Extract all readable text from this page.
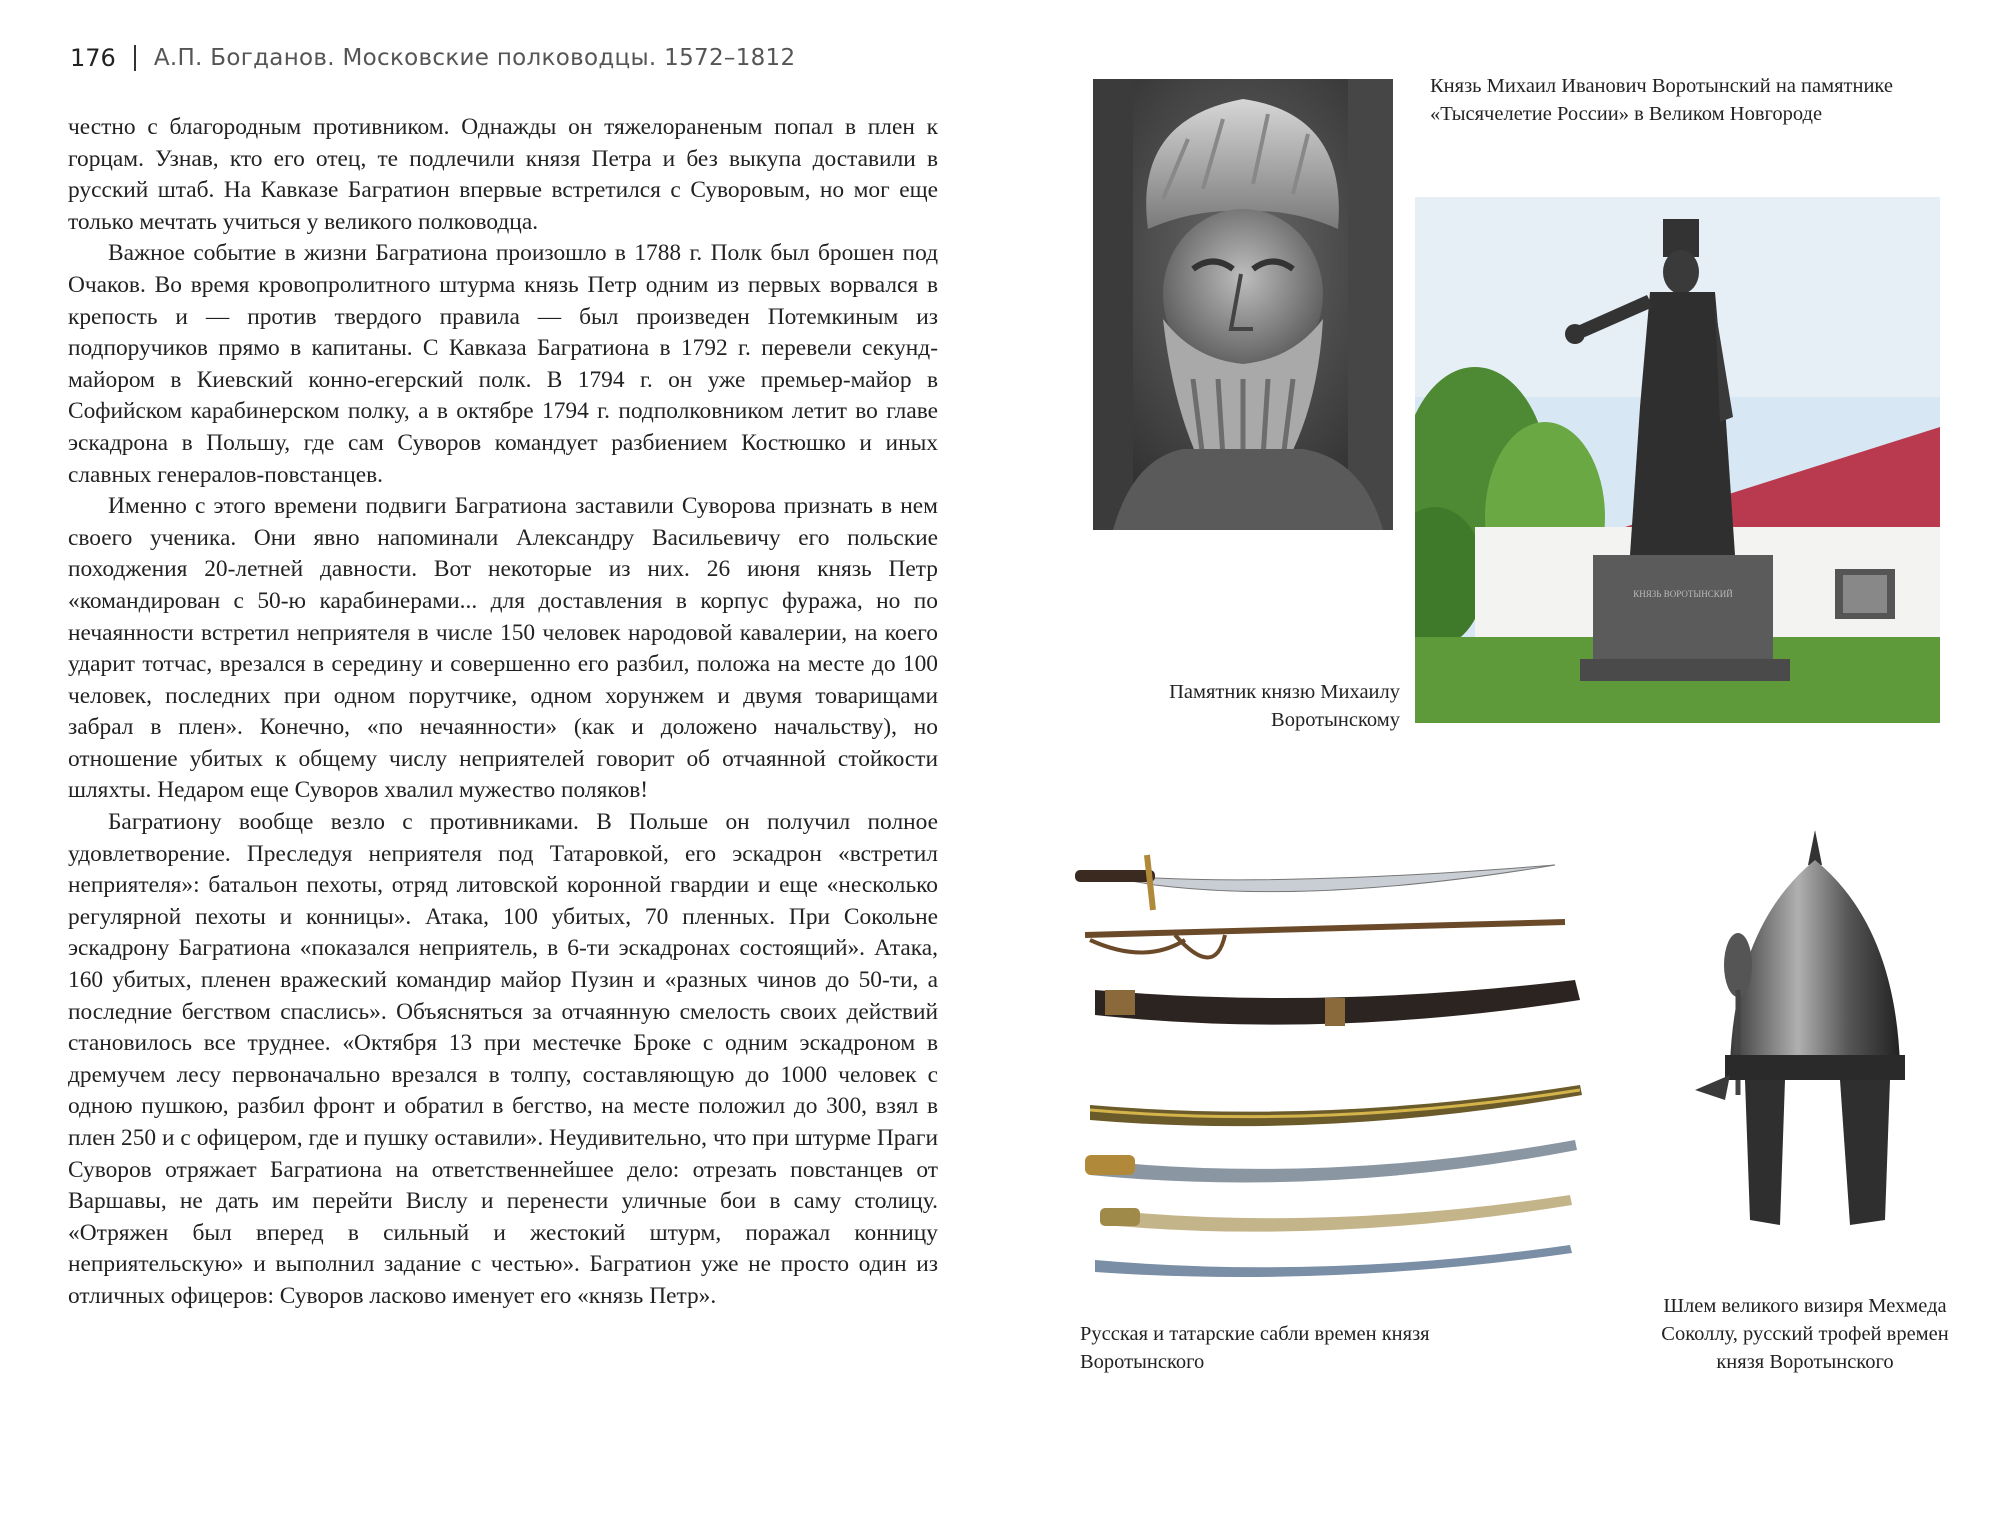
176 А.П. Богданов. Московские полководцы. 1572–1812

честно с благородным противником. Однажды он тяжелораненым попал в плен к горцам. Узнав, кто его отец, те подлечили князя Петра и без выкупа доставили в русский штаб. На Кавказе Багратион впервые встретился с Суворовым, но мог еще только мечтать учиться у великого полководца.

Важное событие в жизни Багратиона произошло в 1788 г. Полк был брошен под Очаков. Во время кровопролитного штурма князь Петр одним из первых ворвался в крепость и — против твердого правила — был произведен Потемкиным из подпоручиков прямо в капитаны. С Кавказа Багратиона в 1792 г. перевели секунд-майором в Киевский конно-егерский полк. В 1794 г. он уже премьер-майор в Софийском карабинерском полку, а в октябре 1794 г. подполковником летит во главе эскадрона в Польшу, где сам Суворов командует разбиением Костюшко и иных славных генералов-повстанцев.

Именно с этого времени подвиги Багратиона заставили Суворова признать в нем своего ученика. Они явно напоминали Александру Васильевичу его польские походжения 20-летней давности. Вот некоторые из них. 26 июня князь Петр «командирован с 50-ю карабинерами... для доставления в корпус фуража, но по нечаянности встретил неприятеля в числе 150 человек народовой кавалерии, на коего ударит тотчас, врезался в середину и совершенно его разбил, положа на месте до 100 человек, последних при одном порутчике, одном хорунжем и двумя товарищами забрал в плен». Конечно, «по нечаянности» (как и доложено начальству), но отношение убитых к общему числу неприятелей говорит об отчаянной стойкости шляхты. Недаром еще Суворов хвалил мужество поляков!

Багратиону вообще везло с противниками. В Польше он получил полное удовлетворение. Преследуя неприятеля под Татаровкой, его эскадрон «встретил неприятеля»: батальон пехоты, отряд литовской коронной гвардии и еще «несколько регулярной пехоты и конницы». Атака, 100 убитых, 70 пленных. При Сокольне эскадрону Багратиона «показался неприятель, в 6-ти эскадронах состоящий». Атака, 160 убитых, пленен вражеский командир майор Пузин и «разных чинов до 50-ти, а последние бегством спаслись». Объясняться за отчаянную смелость своих действий становилось все труднее. «Октября 13 при местечке Броке с одним эскадроном в дремучем лесу первоначально врезался в толпу, составляющую до 1000 человек с одною пушкою, разбил фронт и обратил в бегство, на месте положил до 300, взял в плен 250 и с офицером, где и пушку оставили». Неудивительно, что при штурме Праги Суворов отряжает Багратиона на ответственнейшее дело: отрезать повстанцев от Варшавы, не дать им перейти Вислу и перенести уличные бои в саму столицу. «Отряжен был вперед в сильный и жестокий штурм, поражал конницу неприятельскую» и выполнил задание с честью». Багратион уже не просто один из отличных офицеров: Суворов ласково именует его «князь Петр».

Князь Михаил Иванович Воротынский на памятнике «Тысячелетие России» в Великом Новгороде
КНЯЗЬ ВОРОТЫНСКИЙ
Памятник князю Михаилу Воротынскому
Русская и татарские сабли времен князя Воротынского
Шлем великого визиря Мехмеда Соколлу, русский трофей времен князя Воротынского
